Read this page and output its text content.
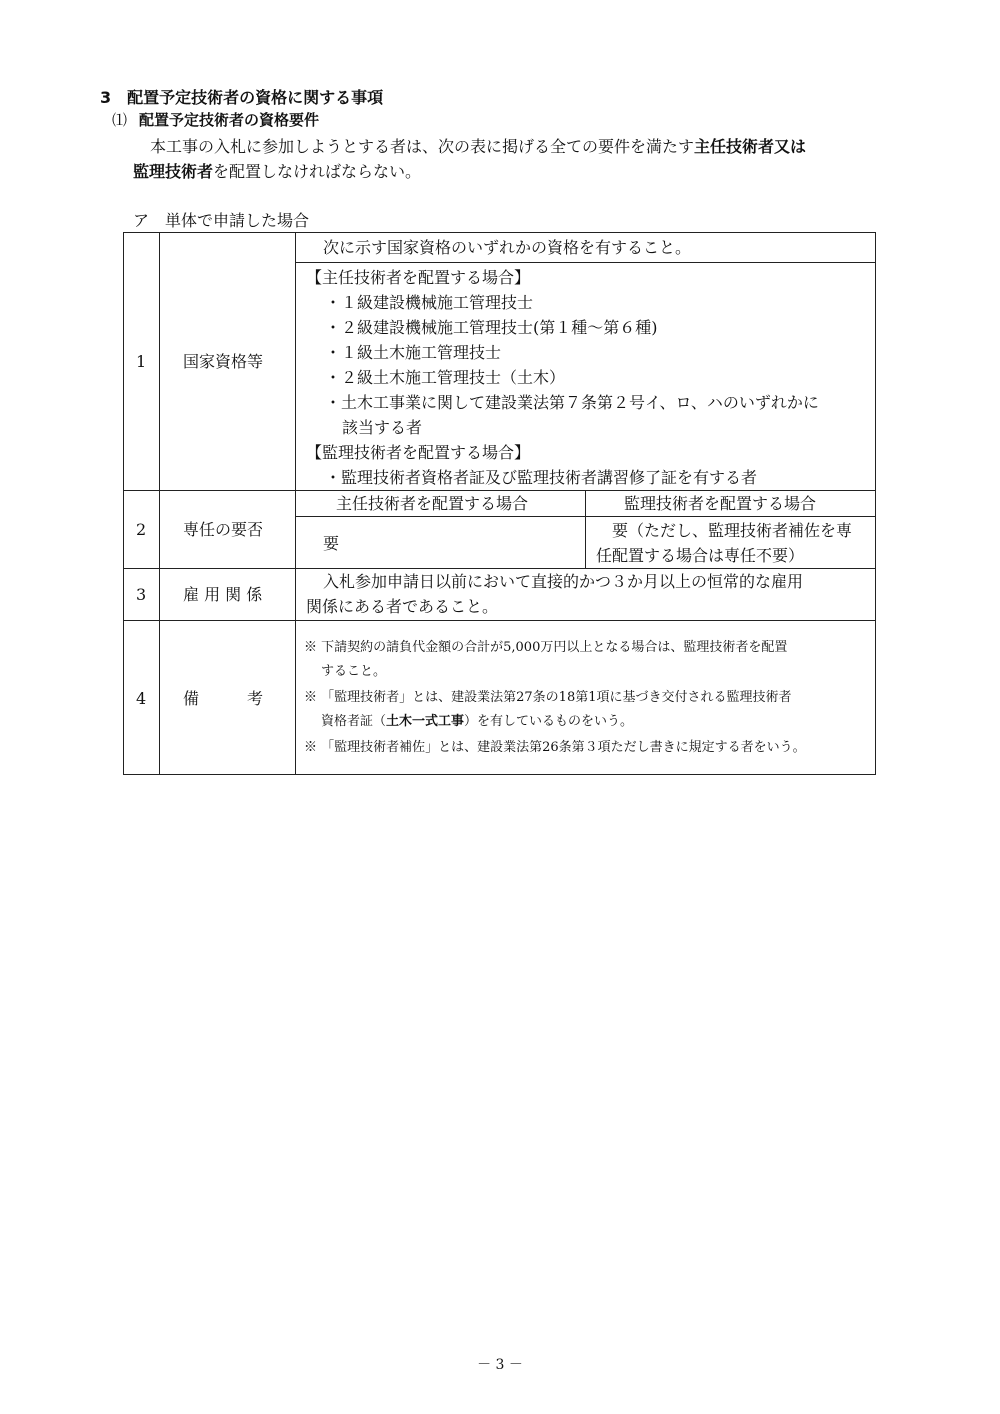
3　配置予定技術者の資格に関する事項
⑴ 配置予定技術者の資格要件
本工事の入札に参加しようとする者は、次の表に掲げる全ての要件を満たす主任技術者又は
監理技術者を配置しなければならない。
ア　単体で申請した場合
1 国家資格等
次に示す国家資格のいずれかの資格を有すること。
【主任技術者を配置する場合】
・１級建設機械施工管理技士
・２級建設機械施工管理技士(第１種～第６種)
・１級土木施工管理技士
・２級土木施工管理技士（土木）
・土木工事業に関して建設業法第７条第２号イ、ロ、ハのいずれかに
該当する者
【監理技術者を配置する場合】
・監理技術者資格者証及び監理技術者講習修了証を有する者
2 専任の要否
主任技術者を配置する場合	監理技術者を配置する場合
要
要（ただし、監理技術者補佐を専
任配置する場合は専任不要）
3 雇 用 関 係
入札参加申請日以前において直接的かつ３か月以上の恒常的な雇用
関係にある者であること。
4 備　　　考
※ 下請契約の請負代金額の合計が5,000万円以上となる場合は、監理技術者を配置
すること。
※ 「監理技術者」とは、建設業法第27条の18第1項に基づき交付される監理技術者
資格者証（土木一式工事）を有しているものをいう。
※ 「監理技術者補佐」とは、建設業法第26条第３項ただし書きに規定する者をいう。
－ 3 －
